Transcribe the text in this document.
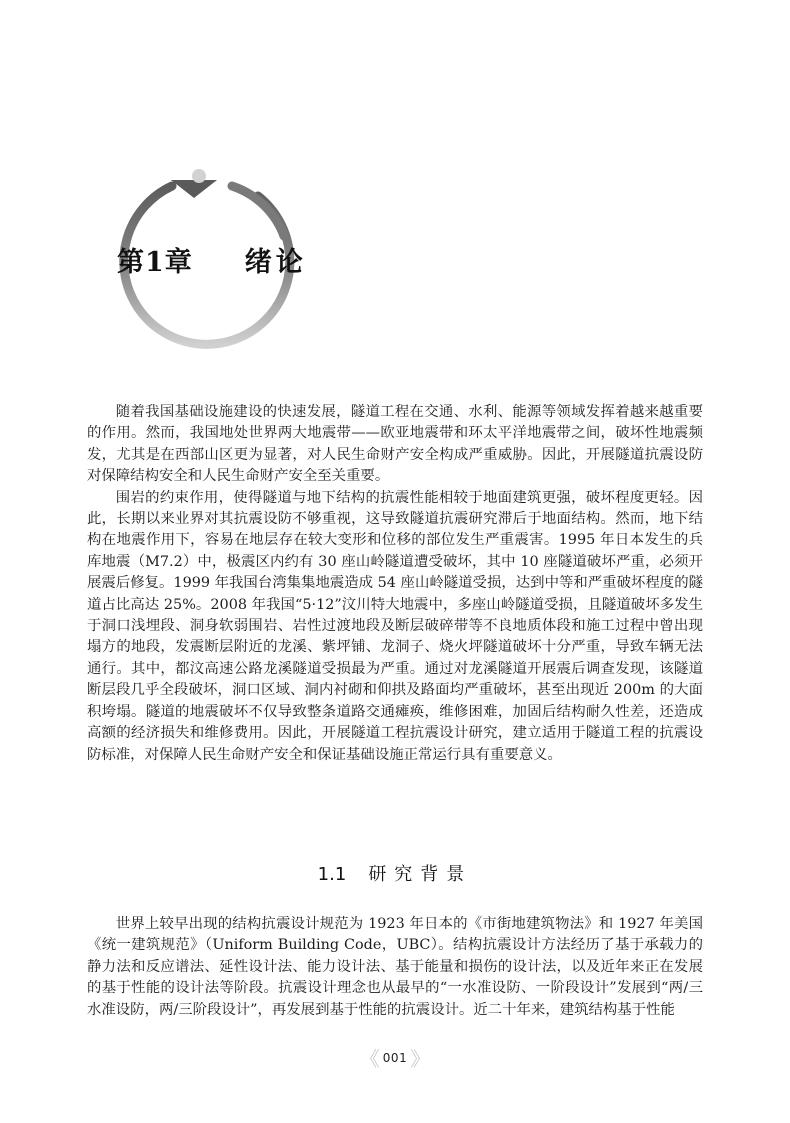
第1章 绪论

随着我国基础设施建设的快速发展，隧道工程在交通、水利、能源等领域发挥着越来越重要的作用。然而，我国地处世界两大地震带——欧亚地震带和环太平洋地震带之间，破坏性地震频发，尤其是在西部山区更为显著，对人民生命财产安全构成严重威胁。因此，开展隧道抗震设防对保障结构安全和人民生命财产安全至关重要。

围岩的约束作用，使得隧道与地下结构的抗震性能相较于地面建筑更强，破坏程度更轻。因此，长期以来业界对其抗震设防不够重视，这导致隧道抗震研究滞后于地面结构。然而，地下结构在地震作用下，容易在地层存在较大变形和位移的部位发生严重震害。1995 年日本发生的兵库地震（M7.2）中，极震区内约有 30 座山岭隧道遭受破坏，其中 10 座隧道破坏严重，必须开展震后修复。1999 年我国台湾集集地震造成 54 座山岭隧道受损，达到中等和严重破坏程度的隧道占比高达 25%。2008 年我国“5·12”汶川特大地震中，多座山岭隧道受损，且隧道破坏多发生于洞口浅埋段、洞身软弱围岩、岩性过渡地段及断层破碎带等不良地质体段和施工过程中曾出现塌方的地段，发震断层附近的龙溪、紫坪铺、龙洞子、烧火坪隧道破坏十分严重，导致车辆无法通行。其中，都汶高速公路龙溪隧道受损最为严重。通过对龙溪隧道开展震后调查发现，该隧道断层段几乎全段破坏，洞口区域、洞内衬砌和仰拱及路面均严重破坏，甚至出现近 200m 的大面积垮塌。隧道的地震破坏不仅导致整条道路交通瘫痪，维修困难，加固后结构耐久性差，还造成高额的经济损失和维修费用。因此，开展隧道工程抗震设计研究，建立适用于隧道工程的抗震设防标准，对保障人民生命财产安全和保证基础设施正常运行具有重要意义。

1.1 研究背景

世界上较早出现的结构抗震设计规范为 1923 年日本的《市街地建筑物法》和 1927 年美国《统一建筑规范》（Uniform Building Code，UBC）。结构抗震设计方法经历了基于承载力的静力法和反应谱法、延性设计法、能力设计法、基于能量和损伤的设计法，以及近年来正在发展的基于性能的设计法等阶段。抗震设计理念也从最早的“一水准设防、一阶段设计”发展到“两/三水准设防，两/三阶段设计”，再发展到基于性能的抗震设计。近二十年来，建筑结构基于性能

《 001 》
